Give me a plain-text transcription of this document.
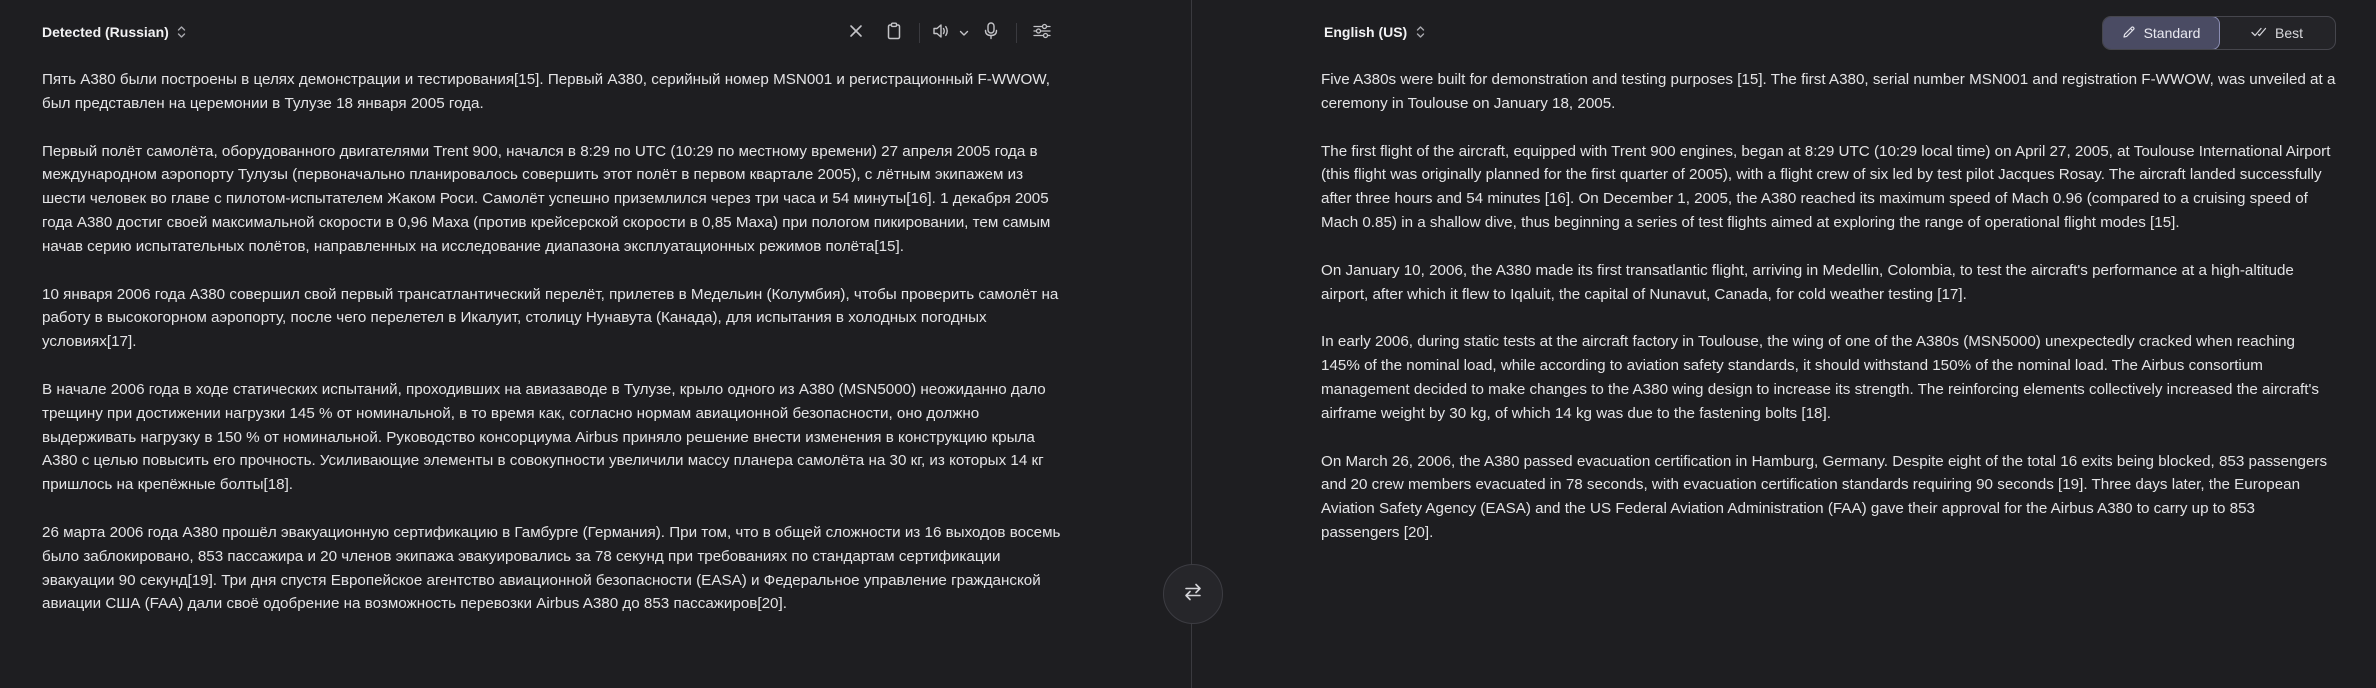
Detected (Russian)

Пять A380 были построены в целях демонстрации и тестирования[15]. Первый A380, серийный номер MSN001 и регистрационный F-WWOW, был представлен на церемонии в Тулузе 18 января 2005 года.

Первый полёт самолёта, оборудованного двигателями Trent 900, начался в 8:29 по UTC (10:29 по местному времени) 27 апреля 2005 года в международном аэропорту Тулузы (первоначально планировалось совершить этот полёт в первом квартале 2005), с лётным экипажем из шести человек во главе с пилотом-испытателем Жаком Роси. Самолёт успешно приземлился через три часа и 54 минуты[16]. 1 декабря 2005 года A380 достиг своей максимальной скорости в 0,96 Маха (против крейсерской скорости в 0,85 Маха) при пологом пикировании, тем самым начав серию испытательных полётов, направленных на исследование диапазона эксплуатационных режимов полёта[15].

10 января 2006 года A380 совершил свой первый трансатлантический перелёт, прилетев в Медельин (Колумбия), чтобы проверить самолёт на работу в высокогорном аэропорту, после чего перелетел в Икалуит, столицу Нунавута (Канада), для испытания в холодных погодных условиях[17].

В начале 2006 года в ходе статических испытаний, проходивших на авиазаводе в Тулузе, крыло одного из A380 (MSN5000) неожиданно дало трещину при достижении нагрузки 145 % от номинальной, в то время как, согласно нормам авиационной безопасности, оно должно выдерживать нагрузку в 150 % от номинальной. Руководство консорциума Airbus приняло решение внести изменения в конструкцию крыла A380 с целью повысить его прочность. Усиливающие элементы в совокупности увеличили массу планера самолёта на 30 кг, из которых 14 кг пришлось на крепёжные болты[18].

26 марта 2006 года A380 прошёл эвакуационную сертификацию в Гамбурге (Германия). При том, что в общей сложности из 16 выходов восемь было заблокировано, 853 пассажира и 20 членов экипажа эвакуировались за 78 секунд при требованиях по стандартам сертификации эвакуации 90 секунд[19]. Три дня спустя Европейское агентство авиационной безопасности (EASA) и Федеральное управление гражданской авиации США (FAA) дали своё одобрение на возможность перевозки Airbus A380 до 853 пассажиров[20].

English (US)	Standard	Best

Five A380s were built for demonstration and testing purposes [15]. The first A380, serial number MSN001 and registration F-WWOW, was unveiled at a ceremony in Toulouse on January 18, 2005.

The first flight of the aircraft, equipped with Trent 900 engines, began at 8:29 UTC (10:29 local time) on April 27, 2005, at Toulouse International Airport (this flight was originally planned for the first quarter of 2005), with a flight crew of six led by test pilot Jacques Rosay. The aircraft landed successfully after three hours and 54 minutes [16]. On December 1, 2005, the A380 reached its maximum speed of Mach 0.96 (compared to a cruising speed of Mach 0.85) in a shallow dive, thus beginning a series of test flights aimed at exploring the range of operational flight modes [15].

On January 10, 2006, the A380 made its first transatlantic flight, arriving in Medellin, Colombia, to test the aircraft's performance at a high-altitude airport, after which it flew to Iqaluit, the capital of Nunavut, Canada, for cold weather testing [17].

In early 2006, during static tests at the aircraft factory in Toulouse, the wing of one of the A380s (MSN5000) unexpectedly cracked when reaching 145% of the nominal load, while according to aviation safety standards, it should withstand 150% of the nominal load. The Airbus consortium management decided to make changes to the A380 wing design to increase its strength. The reinforcing elements collectively increased the aircraft's airframe weight by 30 kg, of which 14 kg was due to the fastening bolts [18].

On March 26, 2006, the A380 passed evacuation certification in Hamburg, Germany. Despite eight of the total 16 exits being blocked, 853 passengers and 20 crew members evacuated in 78 seconds, with evacuation certification standards requiring 90 seconds [19]. Three days later, the European Aviation Safety Agency (EASA) and the US Federal Aviation Administration (FAA) gave their approval for the Airbus A380 to carry up to 853 passengers [20].
